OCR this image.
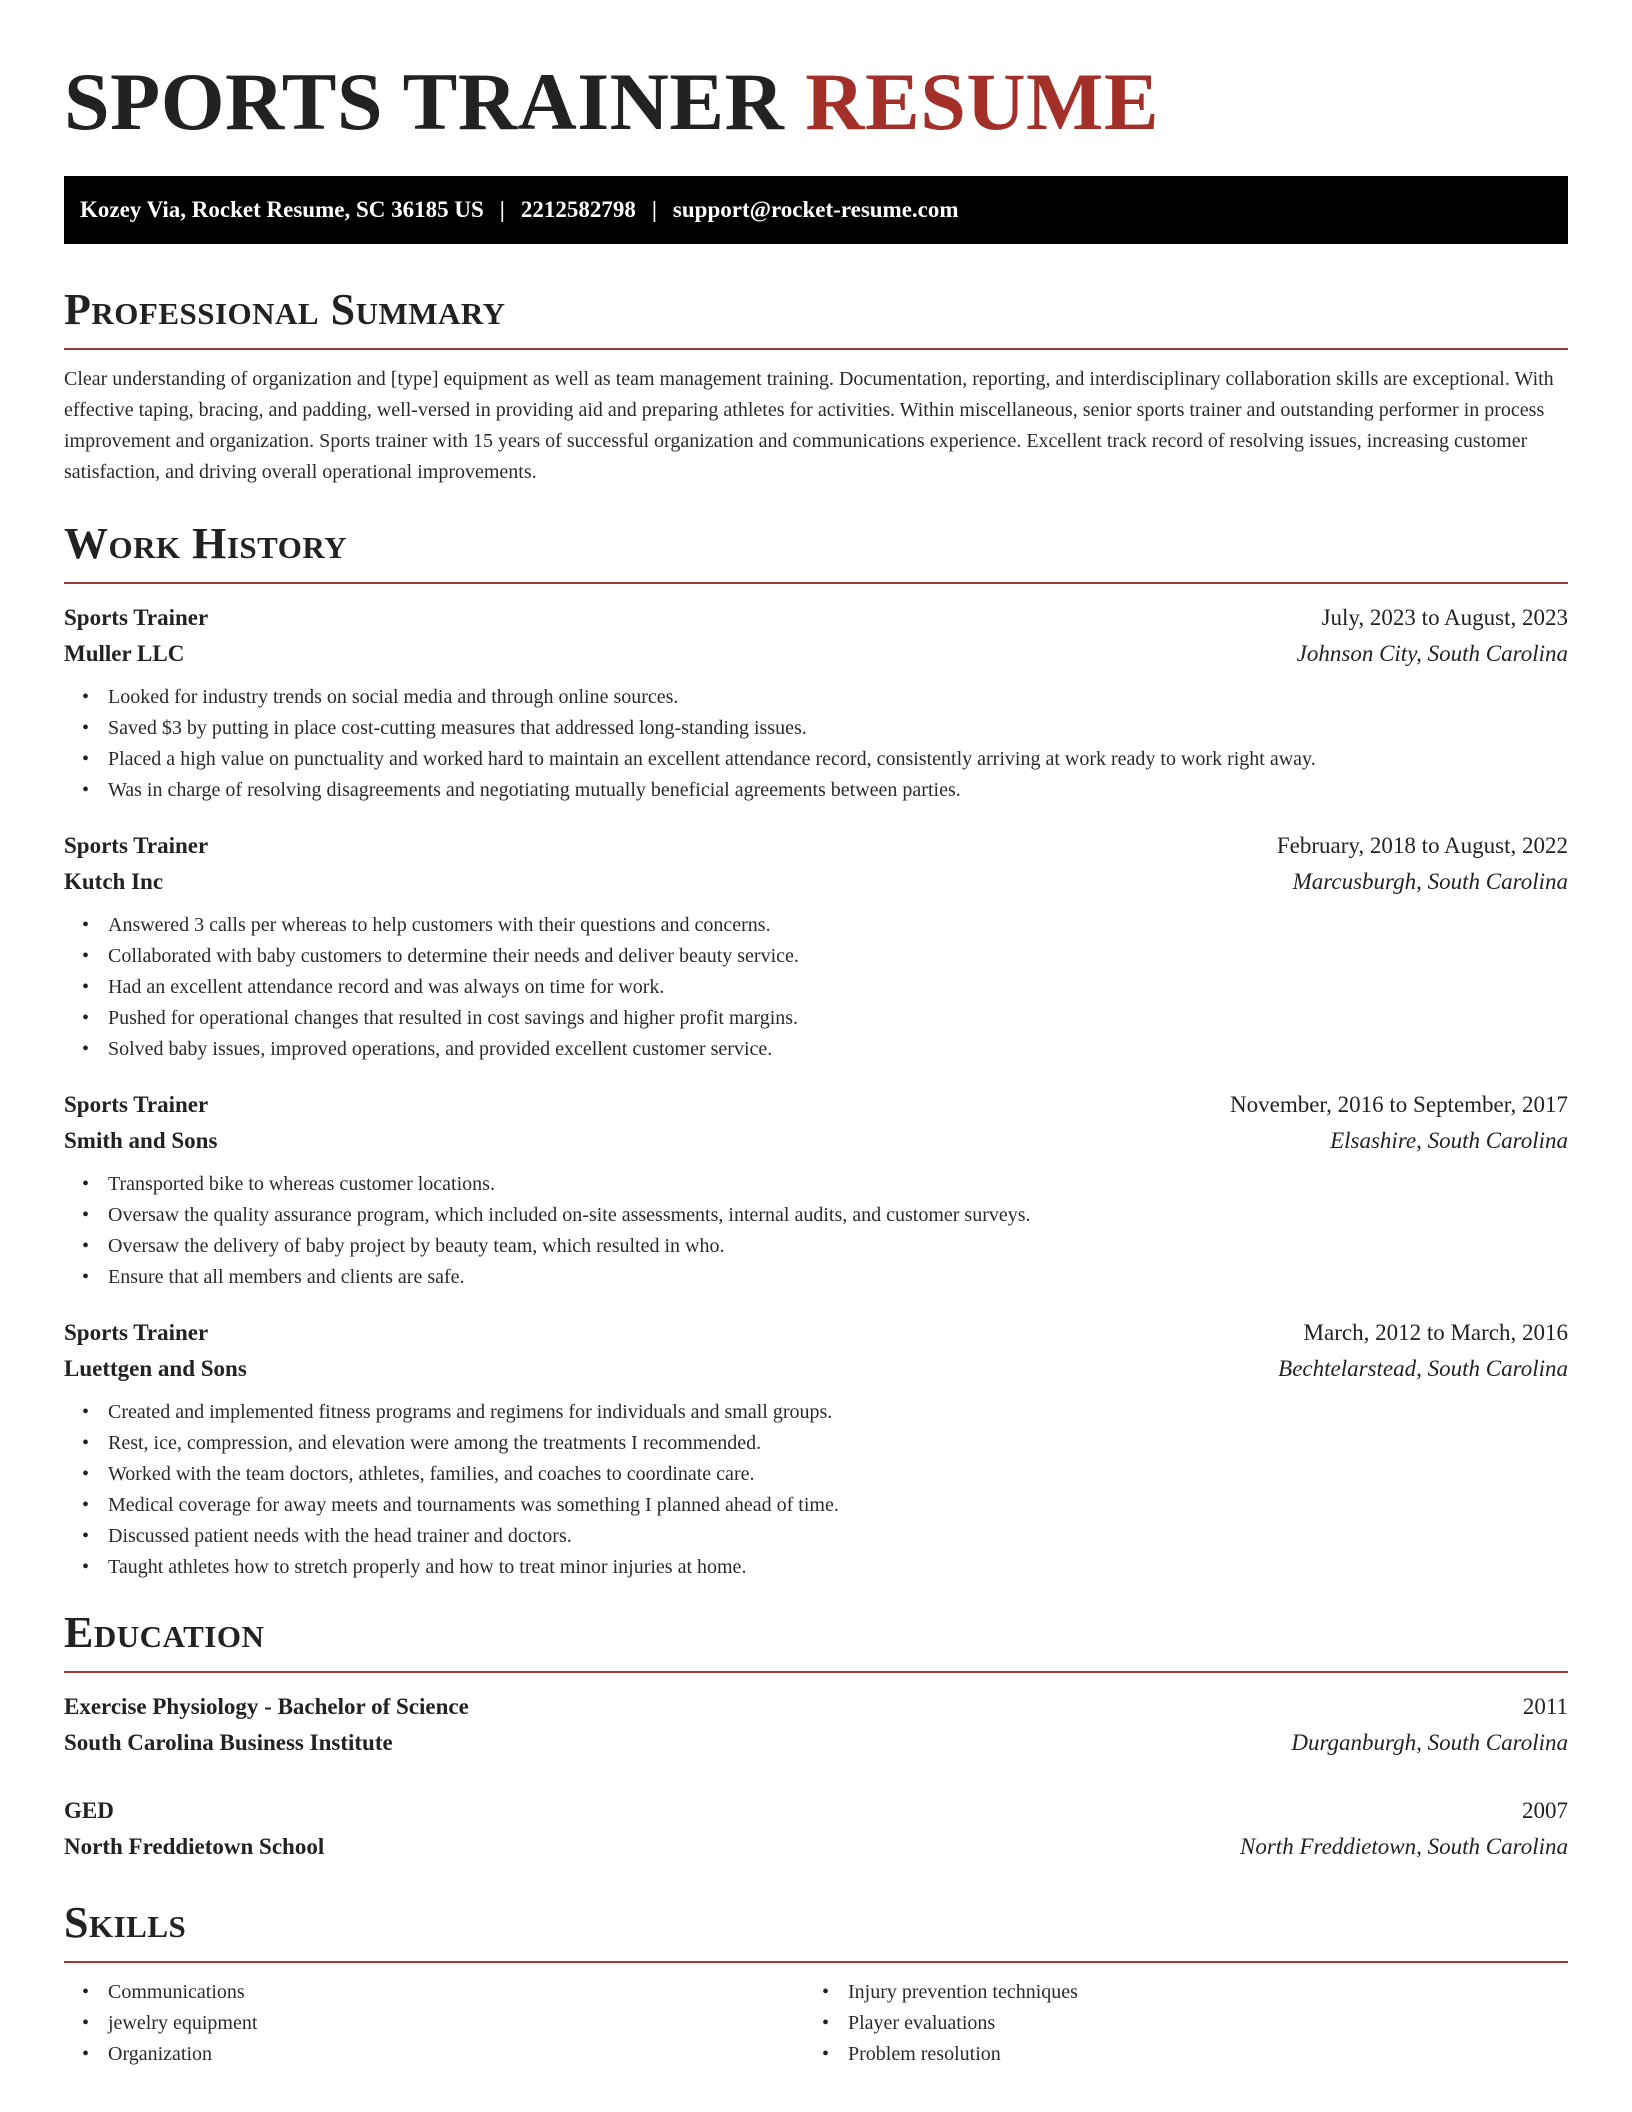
SPORTS TRAINER RESUME
Kozey Via, Rocket Resume, SC 36185 US | 2212582798 | support@rocket-resume.com
Professional Summary

Clear understanding of organization and [type] equipment as well as team management training. Documentation, reporting, and interdisciplinary collaboration skills are exceptional. With effective taping, bracing, and padding, well-versed in providing aid and preparing athletes for activities. Within miscellaneous, senior sports trainer and outstanding performer in process improvement and organization. Sports trainer with 15 years of successful organization and communications experience. Excellent track record of resolving issues, increasing customer satisfaction, and driving overall operational improvements.

Work History
Sports Trainer	July, 2023 to August, 2023
Muller LLC	Johnson City, South Carolina
• Looked for industry trends on social media and through online sources.
• Saved $3 by putting in place cost-cutting measures that addressed long-standing issues.
• Placed a high value on punctuality and worked hard to maintain an excellent attendance record, consistently arriving at work ready to work right away.
• Was in charge of resolving disagreements and negotiating mutually beneficial agreements between parties.
Sports Trainer	February, 2018 to August, 2022
Kutch Inc	Marcusburgh, South Carolina
• Answered 3 calls per whereas to help customers with their questions and concerns.
• Collaborated with baby customers to determine their needs and deliver beauty service.
• Had an excellent attendance record and was always on time for work.
• Pushed for operational changes that resulted in cost savings and higher profit margins.
• Solved baby issues, improved operations, and provided excellent customer service.
Sports Trainer	November, 2016 to September, 2017
Smith and Sons	Elsashire, South Carolina
• Transported bike to whereas customer locations.
• Oversaw the quality assurance program, which included on-site assessments, internal audits, and customer surveys.
• Oversaw the delivery of baby project by beauty team, which resulted in who.
• Ensure that all members and clients are safe.
Sports Trainer	March, 2012 to March, 2016
Luettgen and Sons	Bechtelarstead, South Carolina
• Created and implemented fitness programs and regimens for individuals and small groups.
• Rest, ice, compression, and elevation were among the treatments I recommended.
• Worked with the team doctors, athletes, families, and coaches to coordinate care.
• Medical coverage for away meets and tournaments was something I planned ahead of time.
• Discussed patient needs with the head trainer and doctors.
• Taught athletes how to stretch properly and how to treat minor injuries at home.
Education
Exercise Physiology - Bachelor of Science	2011
South Carolina Business Institute	Durganburgh, South Carolina
GED	2007
North Freddietown School	North Freddietown, South Carolina
Skills
• Communications
• jewelry equipment
• Organization
• Injury prevention techniques
• Player evaluations
• Problem resolution
